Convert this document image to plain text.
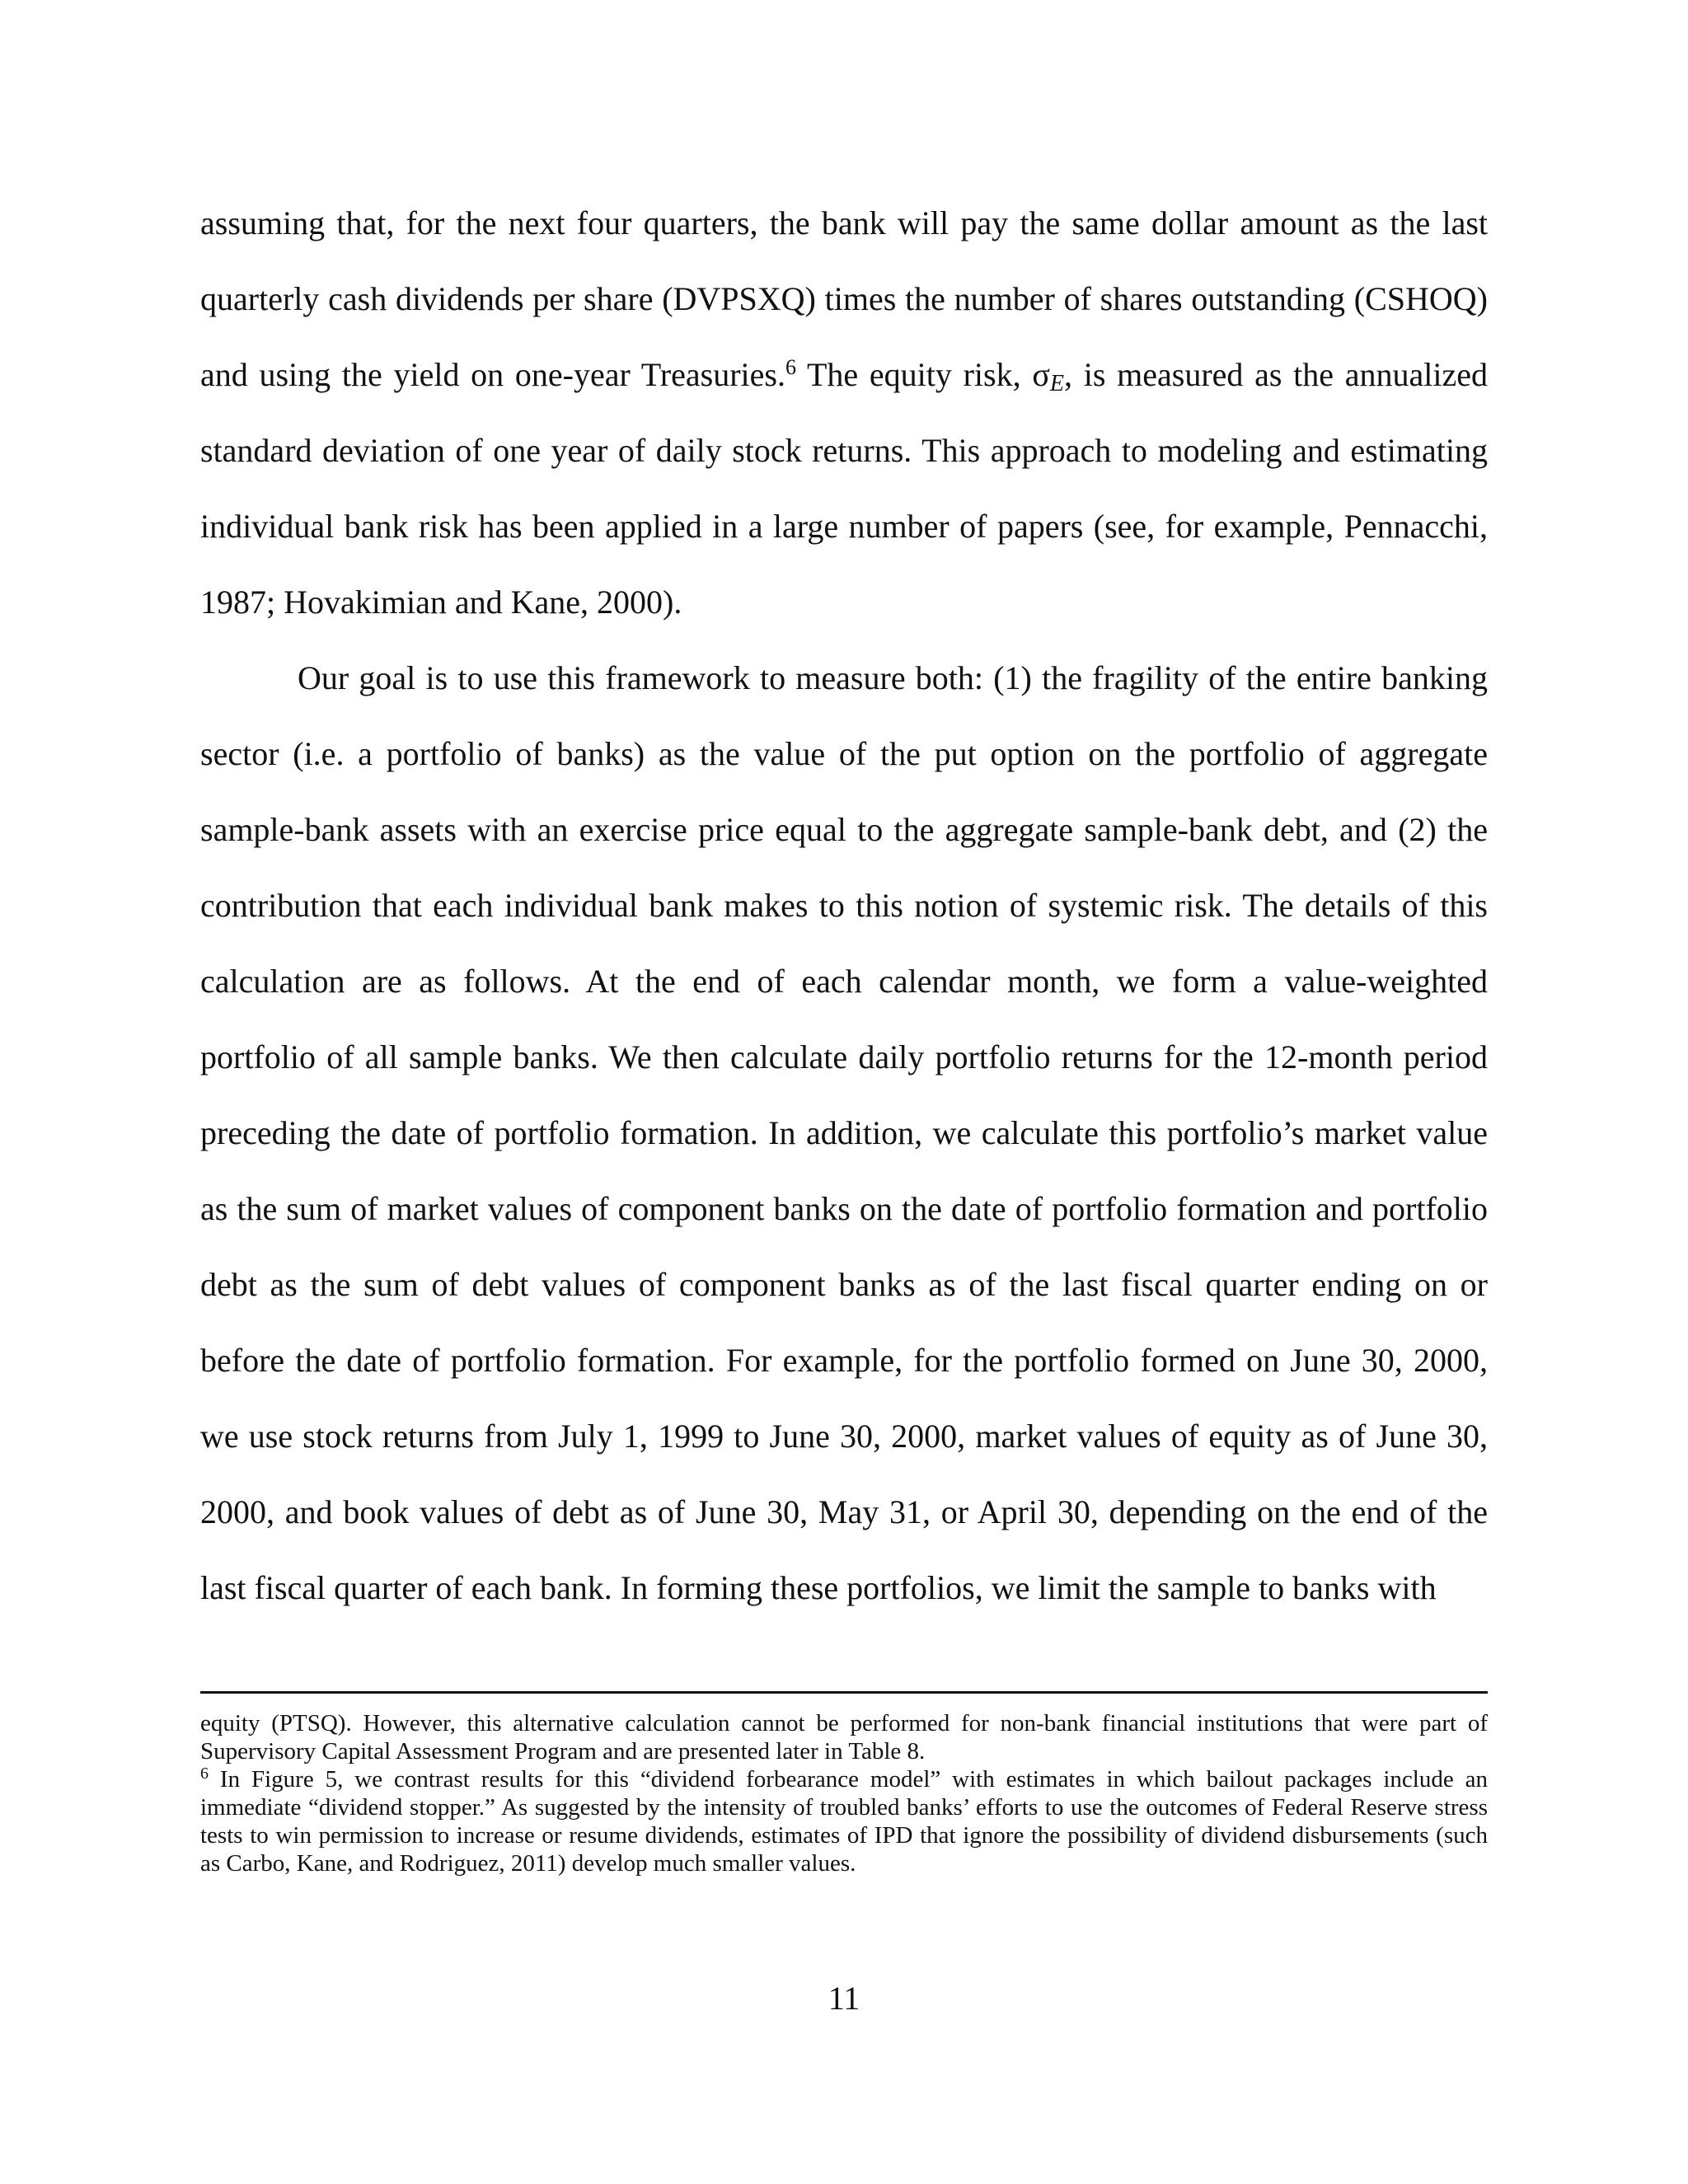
assuming that, for the next four quarters, the bank will pay the same dollar amount as the last quarterly cash dividends per share (DVPSXQ) times the number of shares outstanding (CSHOQ) and using the yield on one-year Treasuries.$^6$ The equity risk, $\sigma_E$, is measured as the annualized standard deviation of one year of daily stock returns. This approach to modeling and estimating individual bank risk has been applied in a large number of papers (see, for example, Pennacchi, 1987; Hovakimian and Kane, 2000).

Our goal is to use this framework to measure both: (1) the fragility of the entire banking sector (i.e. a portfolio of banks) as the value of the put option on the portfolio of aggregate sample-bank assets with an exercise price equal to the aggregate sample-bank debt, and (2) the contribution that each individual bank makes to this notion of systemic risk. The details of this calculation are as follows. At the end of each calendar month, we form a value-weighted portfolio of all sample banks. We then calculate daily portfolio returns for the 12-month period preceding the date of portfolio formation. In addition, we calculate this portfolio’s market value as the sum of market values of component banks on the date of portfolio formation and portfolio debt as the sum of debt values of component banks as of the last fiscal quarter ending on or before the date of portfolio formation. For example, for the portfolio formed on June 30, 2000, we use stock returns from July 1, 1999 to June 30, 2000, market values of equity as of June 30, 2000, and book values of debt as of June 30, May 31, or April 30, depending on the end of the last fiscal quarter of each bank. In forming these portfolios, we limit the sample to banks with

equity (PTSQ). However, this alternative calculation cannot be performed for non-bank financial institutions that were part of Supervisory Capital Assessment Program and are presented later in Table 8.

$^6$ In Figure 5, we contrast results for this “dividend forbearance model” with estimates in which bailout packages include an immediate “dividend stopper.” As suggested by the intensity of troubled banks’ efforts to use the outcomes of Federal Reserve stress tests to win permission to increase or resume dividends, estimates of IPD that ignore the possibility of dividend disbursements (such as Carbo, Kane, and Rodriguez, 2011) develop much smaller values.

11
